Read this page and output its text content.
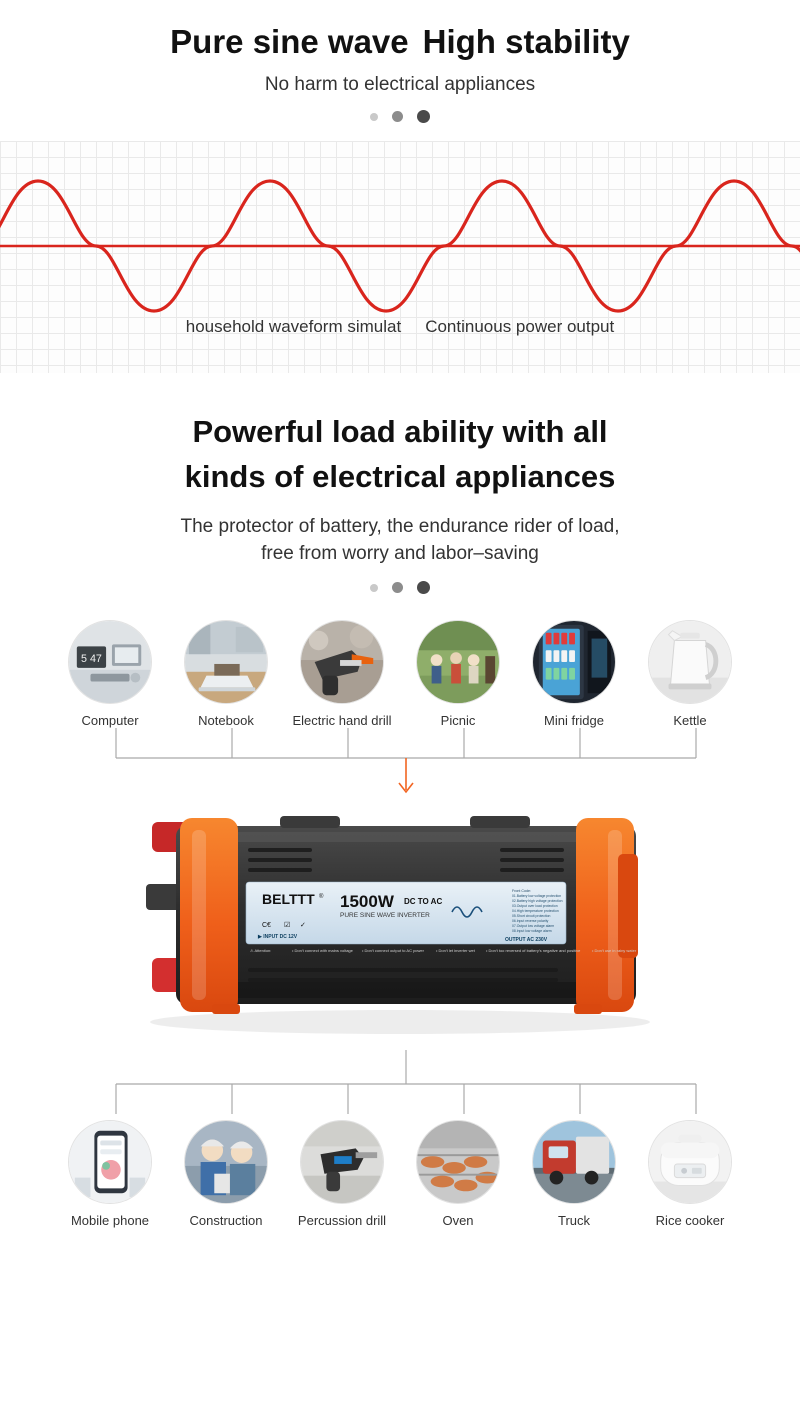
Pure sine wave High stability
No harm to electrical appliances
household waveform simulat Continuous power output
Powerful load ability with all
kinds of electrical appliances
The protector of battery, the endurance rider of load,
free from worry and labor–saving
5 47
Computer	Notebook	Electric hand drill	Picnic	Mini fridge	Kettle
BELTTT ® 1500W DC TO AC
PURE SINE WAVE INVERTER
Front Code:
01.Battery low voltage protection
02.Battery high voltage protection
03.Output over load protection
04.High temperature protection
05.Short circuit protection
06.Input reverse polarity
07.Output low voltage alarm
08.Input low voltage alarm
C€ ☑ ✓
▶ INPUT DC 12V	OUTPUT AC 230V
⚠ Attention:	• Don't connect with mains voltage • Don't connect output to AC power	• Don't let inverter wet	• Don't too reversed of battery's negative and positive	• Don't use in rainy water
Mobile phone	Construction	Percussion drill	Oven	Truck	Rice cooker
